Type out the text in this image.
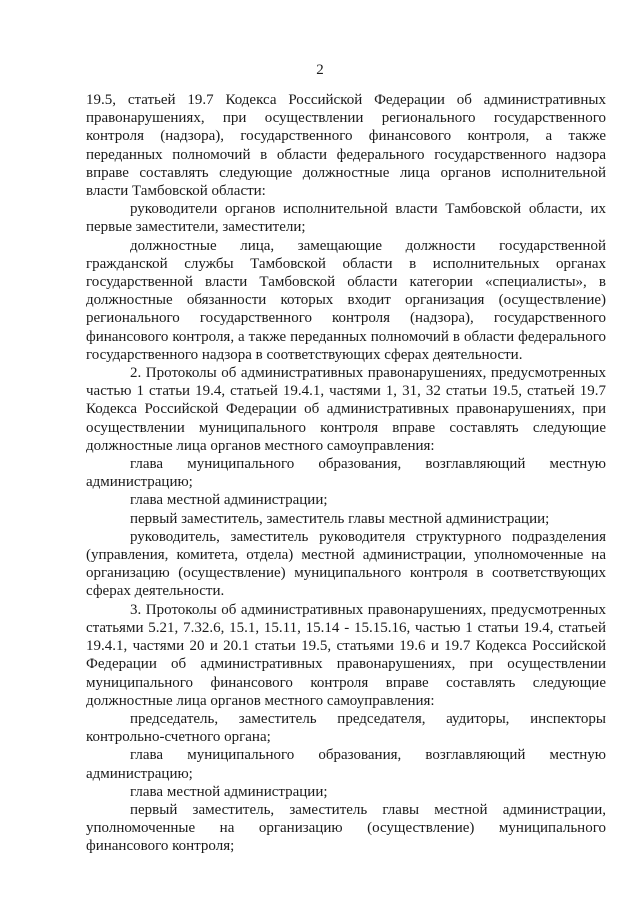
2

19.5, статьей 19.7 Кодекса Российской Федерации об административных правонарушениях, при осуществлении регионального государственного контроля (надзора), государственного финансового контроля, а также переданных полномочий в области федерального государственного надзора вправе составлять следующие должностные лица органов исполнительной власти Тамбовской области:

руководители органов исполнительной власти Тамбовской области, их первые заместители, заместители;

должностные лица, замещающие должности государственной гражданской службы Тамбовской области в исполнительных органах государственной власти Тамбовской области категории «специалисты», в должностные обязанности которых входит организация (осуществление) регионального государственного контроля (надзора), государственного финансового контроля, а также переданных полномочий в области федерального государственного надзора в соответствующих сферах деятельности.

2. Протоколы об административных правонарушениях, предусмотренных частью 1 статьи 19.4, статьей 19.4.1, частями 1, 31, 32 статьи 19.5, статьей 19.7 Кодекса Российской Федерации об административных правонарушениях, при осуществлении муниципального контроля вправе составлять следующие должностные лица органов местного самоуправления:

глава муниципального образования, возглавляющий местную администрацию;

глава местной администрации;

первый заместитель, заместитель главы местной администрации;

руководитель, заместитель руководителя структурного подразделения (управления, комитета, отдела) местной администрации, уполномоченные на организацию (осуществление) муниципального контроля в соответствующих сферах деятельности.

3. Протоколы об административных правонарушениях, предусмотренных статьями 5.21, 7.32.6, 15.1, 15.11, 15.14 - 15.15.16, частью 1 статьи 19.4, статьей 19.4.1, частями 20 и 20.1 статьи 19.5, статьями 19.6 и 19.7 Кодекса Российской Федерации об административных правонарушениях, при осуществлении муниципального финансового контроля вправе составлять следующие должностные лица органов местного самоуправления:

председатель, заместитель председателя, аудиторы, инспекторы контрольно-счетного органа;

глава муниципального образования, возглавляющий местную администрацию;

глава местной администрации;

первый заместитель, заместитель главы местной администрации, уполномоченные на организацию (осуществление) муниципального финансового контроля;
